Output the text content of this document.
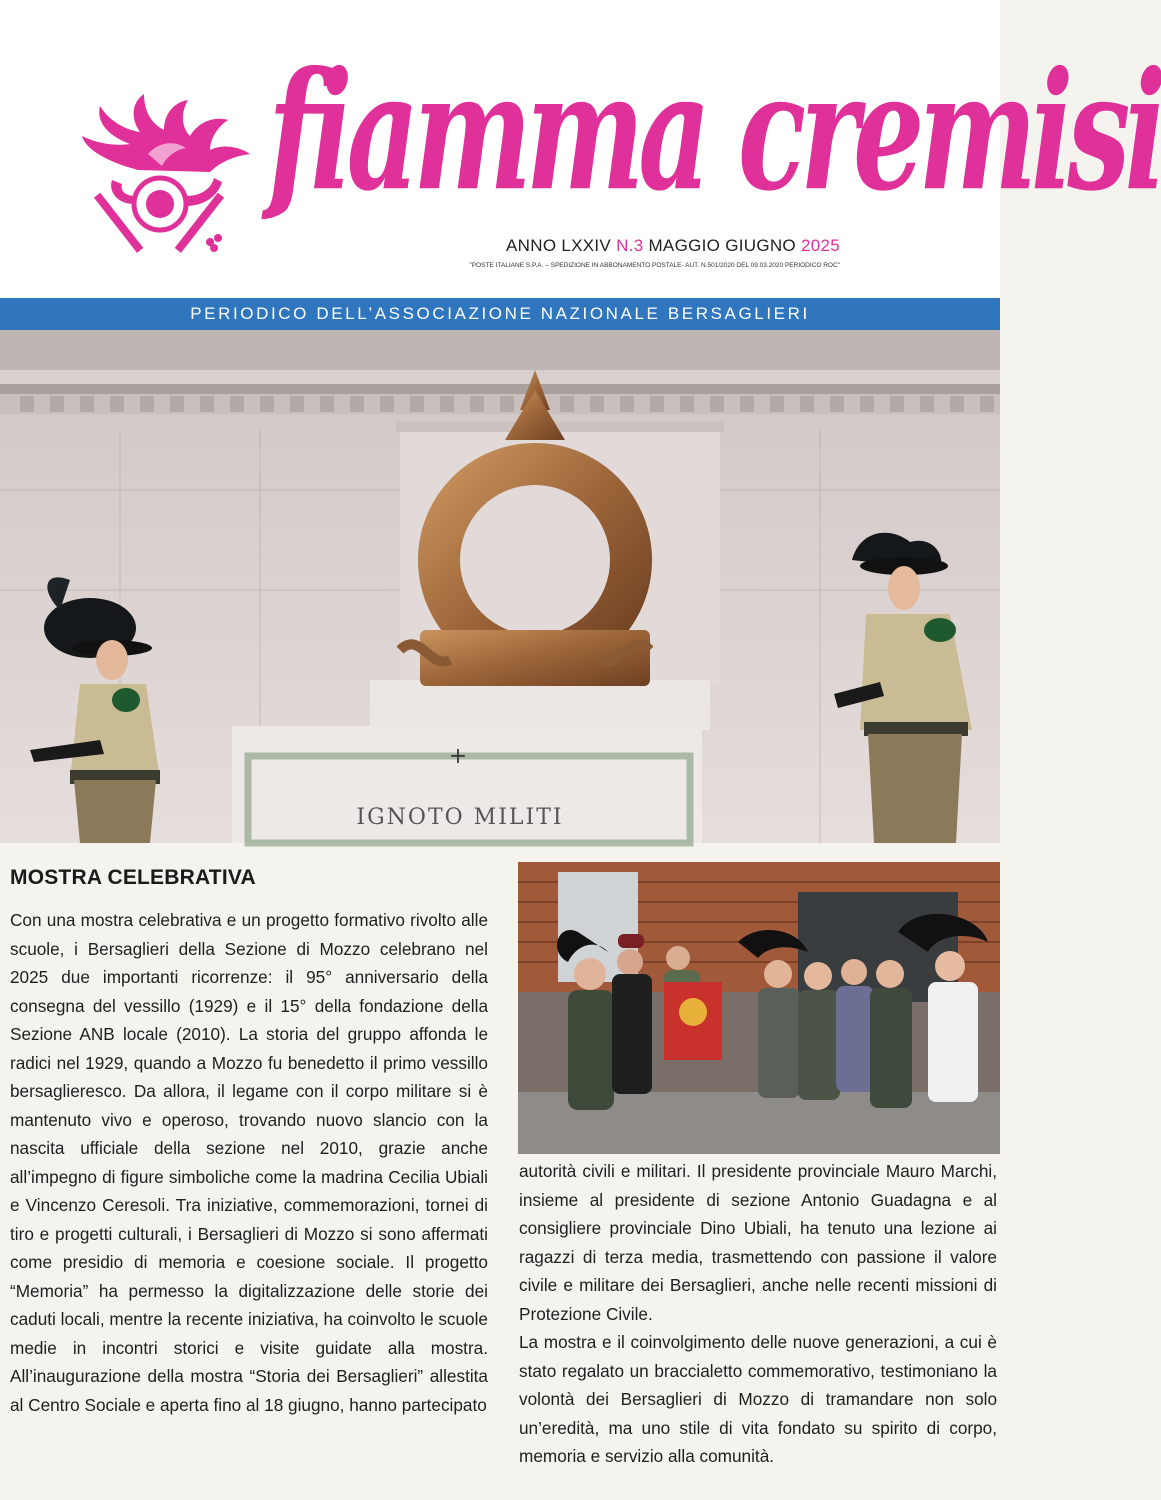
fiamma cremisi
ANNO LXXIV N.3 MAGGIO GIUGNO 2025
"POSTE ITALIANE S.P.A. – SPEDIZIONE IN ABBONAMENTO POSTALE- AUT. N.501/2020 DEL 09.03.2020 PERIODICO ROC"
PERIODICO DELL’ASSOCIAZIONE NAZIONALE BERSAGLIERI
+
IGNOTO MILITI
MOSTRA CELEBRATIVA

Con una mostra celebrativa e un progetto formativo rivolto alle scuole, i Bersaglieri della Sezione di Mozzo celebrano nel 2025 due importanti ricorrenze: il 95° anniversario della consegna del vessillo (1929) e il 15° della fondazione della Sezione ANB locale (2010). La storia del gruppo affonda le radici nel 1929, quando a Mozzo fu benedetto il primo vessillo bersaglieresco. Da allora, il legame con il corpo militare si è mantenuto vivo e operoso, trovando nuovo slancio con la nascita ufficiale della sezione nel 2010, grazie anche all’impegno di figure simboliche come la madrina Cecilia Ubiali e Vincenzo Ceresoli. Tra iniziative, commemorazioni, tornei di tiro e progetti culturali, i Bersaglieri di Mozzo si sono affermati come presidio di memoria e coesione sociale. Il progetto “Memoria” ha permesso la digitalizzazione delle storie dei caduti locali, mentre la recente iniziativa, ha coinvolto le scuole medie in incontri storici e visite guidate alla mostra. All’inaugurazione della mostra “Storia dei Bersaglieri” allestita al Centro Sociale e aperta fino al 18 giugno, hanno partecipato

autorità civili e militari. Il presidente provinciale Mauro Marchi, insieme al presidente di sezione Antonio Guadagna e al consigliere provinciale Dino Ubiali, ha tenuto una lezione ai ragazzi di terza media, trasmettendo con passione il valore civile e militare dei Bersaglieri, anche nelle recenti missioni di Protezione Civile.

La mostra e il coinvolgimento delle nuove generazioni, a cui è stato regalato un braccialetto commemorativo, testimoniano la volontà dei Bersaglieri di Mozzo di tramandare non solo un’eredità, ma uno stile di vita fondato su spirito di corpo, memoria e servizio alla comunità.
